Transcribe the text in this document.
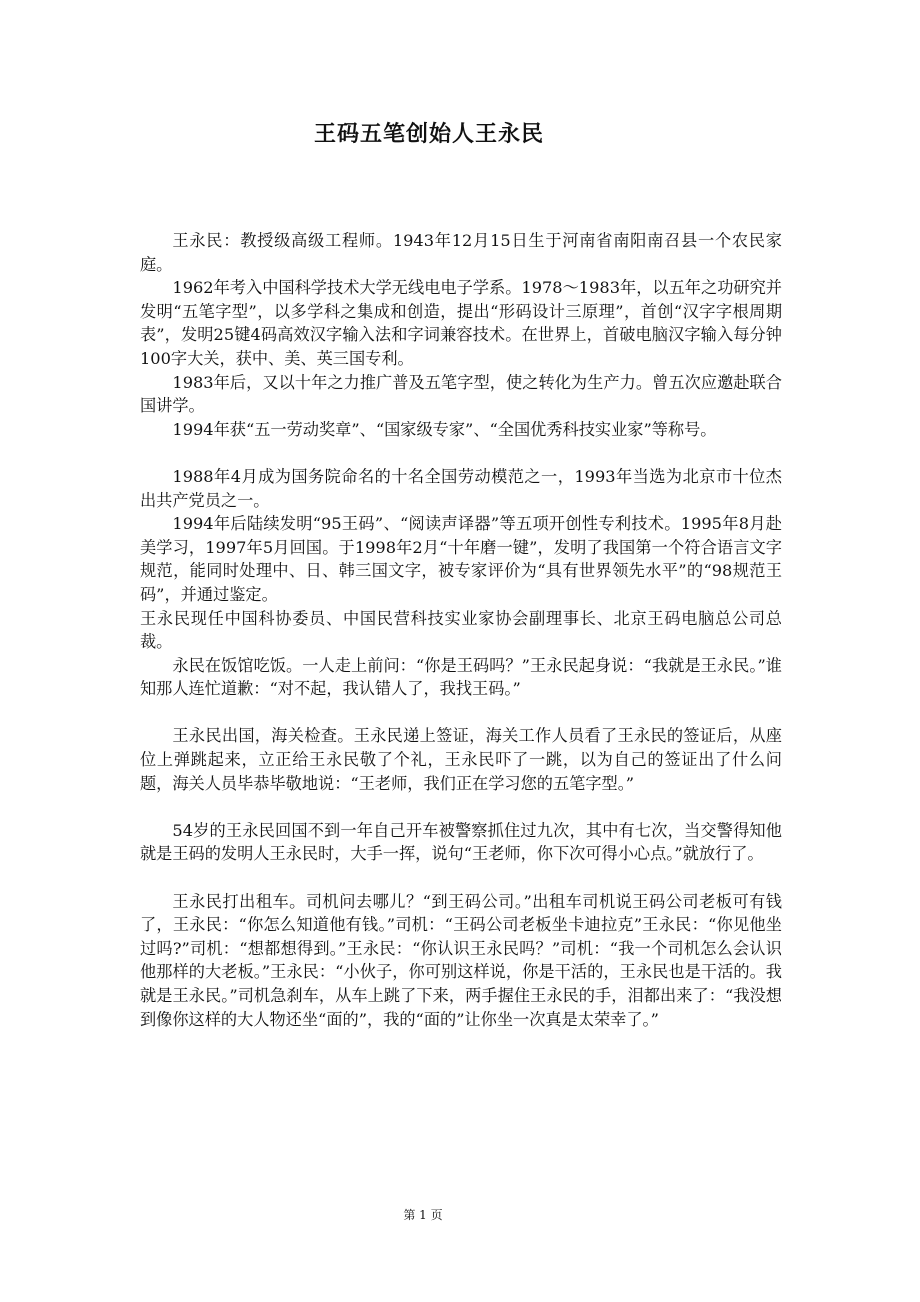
王码五笔创始人王永民

王永民：教授级高级工程师。1943年12月15日生于河南省南阳南召县一个农民家庭。

1962年考入中国科学技术大学无线电电子学系。1978～1983年，以五年之功研究并发明“五笔字型”，以多学科之集成和创造，提出“形码设计三原理”，首创“汉字字根周期表”，发明25键4码高效汉字输入法和字词兼容技术。在世界上，首破电脑汉字输入每分钟100字大关，获中、美、英三国专利。

1983年后，又以十年之力推广普及五笔字型，使之转化为生产力。曾五次应邀赴联合国讲学。

1994年获“五一劳动奖章”、“国家级专家”、“全国优秀科技实业家”等称号。

1988年4月成为国务院命名的十名全国劳动模范之一，1993年当选为北京市十位杰出共产党员之一。

1994年后陆续发明“95王码”、“阅读声译器”等五项开创性专利技术。1995年8月赴美学习，1997年5月回国。于1998年2月“十年磨一键”，发明了我国第一个符合语言文字规范，能同时处理中、日、韩三国文字，被专家评价为“具有世界领先水平”的“98规范王码”，并通过鉴定。

王永民现任中国科协委员、中国民营科技实业家协会副理事长、北京王码电脑总公司总裁。

永民在饭馆吃饭。一人走上前问：“你是王码吗？”王永民起身说：“我就是王永民。”谁知那人连忙道歉：“对不起，我认错人了，我找王码。”

王永民出国，海关检查。王永民递上签证，海关工作人员看了王永民的签证后，从座位上弹跳起来，立正给王永民敬了个礼，王永民吓了一跳，以为自己的签证出了什么问题，海关人员毕恭毕敬地说：“王老师，我们正在学习您的五笔字型。”

54岁的王永民回国不到一年自己开车被警察抓住过九次，其中有七次，当交警得知他就是王码的发明人王永民时，大手一挥，说句“王老师，你下次可得小心点。”就放行了。

王永民打出租车。司机问去哪儿？“到王码公司。”出租车司机说王码公司老板可有钱了，王永民：“你怎么知道他有钱。”司机：“王码公司老板坐卡迪拉克”王永民：“你见他坐过吗?”司机：“想都想得到。”王永民：“你认识王永民吗？”司机：“我一个司机怎么会认识他那样的大老板。”王永民：“小伙子，你可别这样说，你是干活的，王永民也是干活的。我就是王永民。”司机急刹车，从车上跳了下来，两手握住王永民的手，泪都出来了：“我没想到像你这样的大人物还坐“面的”，我的“面的”让你坐一次真是太荣幸了。”

第 1 页
